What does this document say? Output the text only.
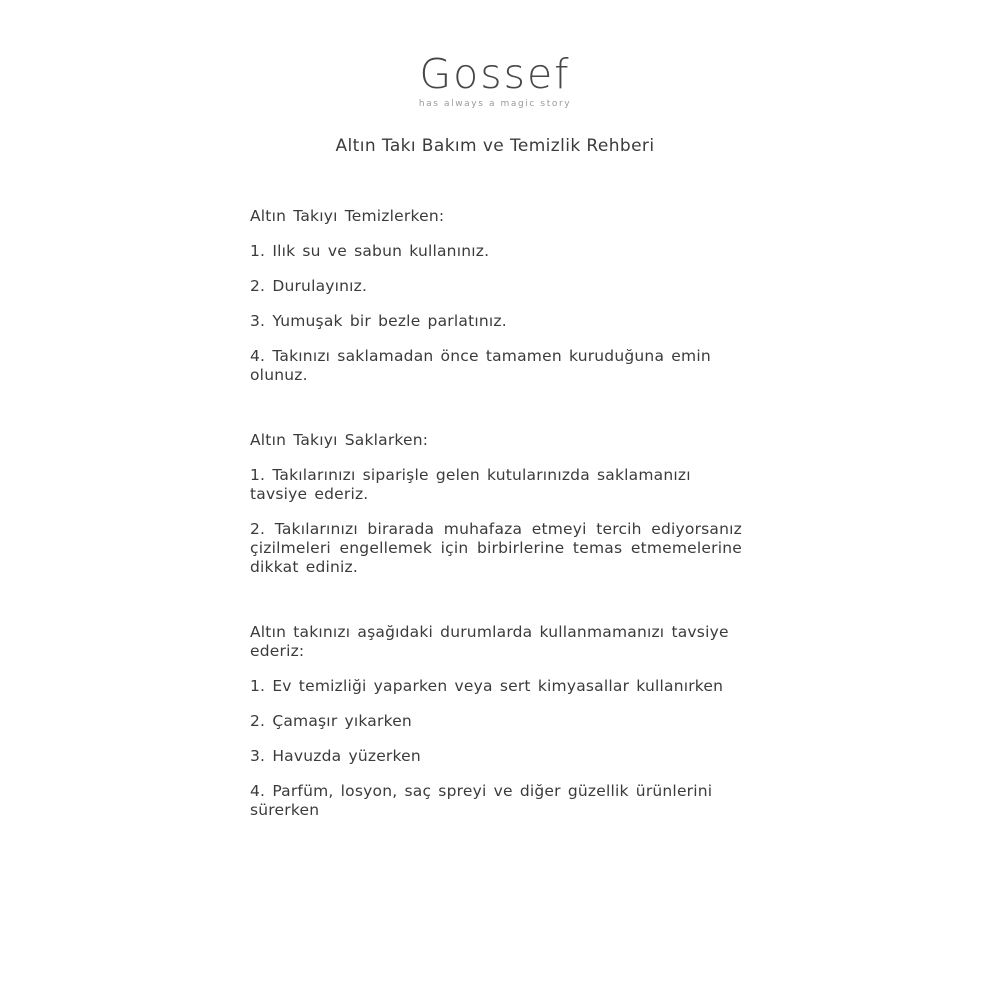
Gossef
has always a magic story
Altın Takı Bakım ve Temizlik Rehberi

Altın Takıyı Temizlerken:

1. Ilık su ve sabun kullanınız.

2. Durulayınız.

3. Yumuşak bir bezle parlatınız.

4. Takınızı saklamadan önce tamamen kuruduğuna emin olunuz.

Altın Takıyı Saklarken:

1. Takılarınızı siparişle gelen kutularınızda saklamanızı tavsiye ederiz.

2. Takılarınızı birarada muhafaza etmeyi tercih ediyorsanız çizilmeleri engellemek için birbirlerine temas etmemelerine dikkat ediniz.

Altın takınızı aşağıdaki durumlarda kullanmamanızı tavsiye ederiz:

1. Ev temizliği yaparken veya sert kimyasallar kullanırken

2. Çamaşır yıkarken

3. Havuzda yüzerken

4. Parfüm, losyon, saç spreyi ve diğer güzellik ürünlerini sürerken
